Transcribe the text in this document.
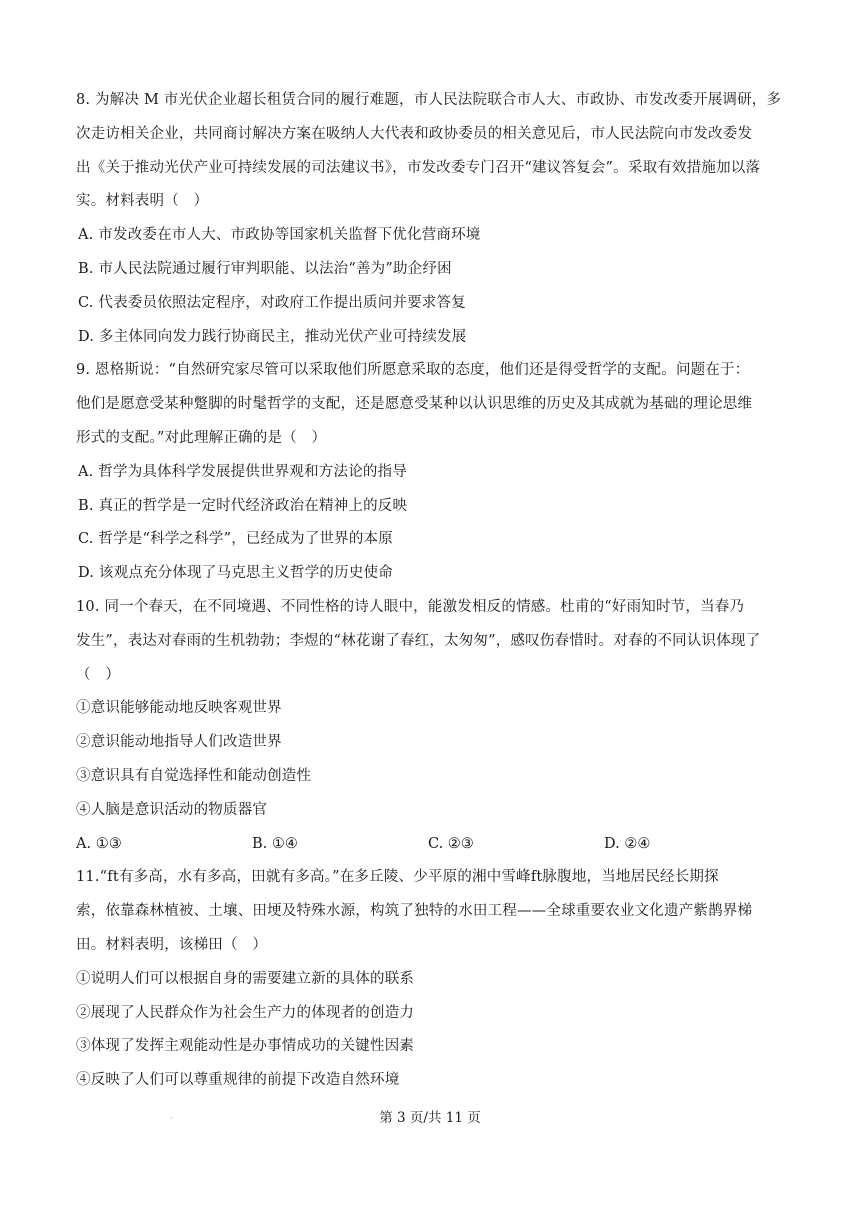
8. 为解决 M 市光伏企业超长租赁合同的履行难题，市人民法院联合市人大、市政协、市发改委开展调研，多
次走访相关企业，共同商讨解决方案在吸纳人大代表和政协委员的相关意见后，市人民法院向市发改委发
出《关于推动光伏产业可持续发展的司法建议书》，市发改委专门召开“建议答复会”。采取有效措施加以落
实。材料表明（　）
A. 市发改委在市人大、市政协等国家机关监督下优化营商环境
B. 市人民法院通过履行审判职能、以法治“善为”助企纾困
C. 代表委员依照法定程序，对政府工作提出质问并要求答复
D. 多主体同向发力践行协商民主，推动光伏产业可持续发展
9. 恩格斯说：“自然研究家尽管可以采取他们所愿意采取的态度，他们还是得受哲学的支配。问题在于：
他们是愿意受某种蹩脚的时髦哲学的支配，还是愿意受某种以认识思维的历史及其成就为基础的理论思维
形式的支配。”对此理解正确的是（　）
A. 哲学为具体科学发展提供世界观和方法论的指导
B. 真正的哲学是一定时代经济政治在精神上的反映
C. 哲学是“科学之科学”，已经成为了世界的本原
D. 该观点充分体现了马克思主义哲学的历史使命
10. 同一个春天，在不同境遇、不同性格的诗人眼中，能激发相反的情感。杜甫的“好雨知时节，当春乃
发生”，表达对春雨的生机勃勃；李煜的“林花谢了春红，太匆匆”，感叹伤春惜时。对春的不同认识体现了
（　）
①意识能够能动地反映客观世界
②意识能动地指导人们改造世界
③意识具有自觉选择性和能动创造性
④人脑是意识活动的物质器官
A. ①③	B. ①④	C. ②③	D. ②④
11.“ft有多高，水有多高，田就有多高。”在多丘陵、少平原的湘中雪峰ft脉腹地，当地居民经长期探
索，依靠森林植被、土壤、田埂及特殊水源，构筑了独特的水田工程——全球重要农业文化遗产紫鹊界梯
田。材料表明，该梯田（　）
①说明人们可以根据自身的需要建立新的具体的联系
②展现了人民群众作为社会生产力的体现者的创造力
③体现了发挥主观能动性是办事情成功的关键性因素
④反映了人们可以尊重规律的前提下改造自然环境
·	第 3 页/共 11 页
